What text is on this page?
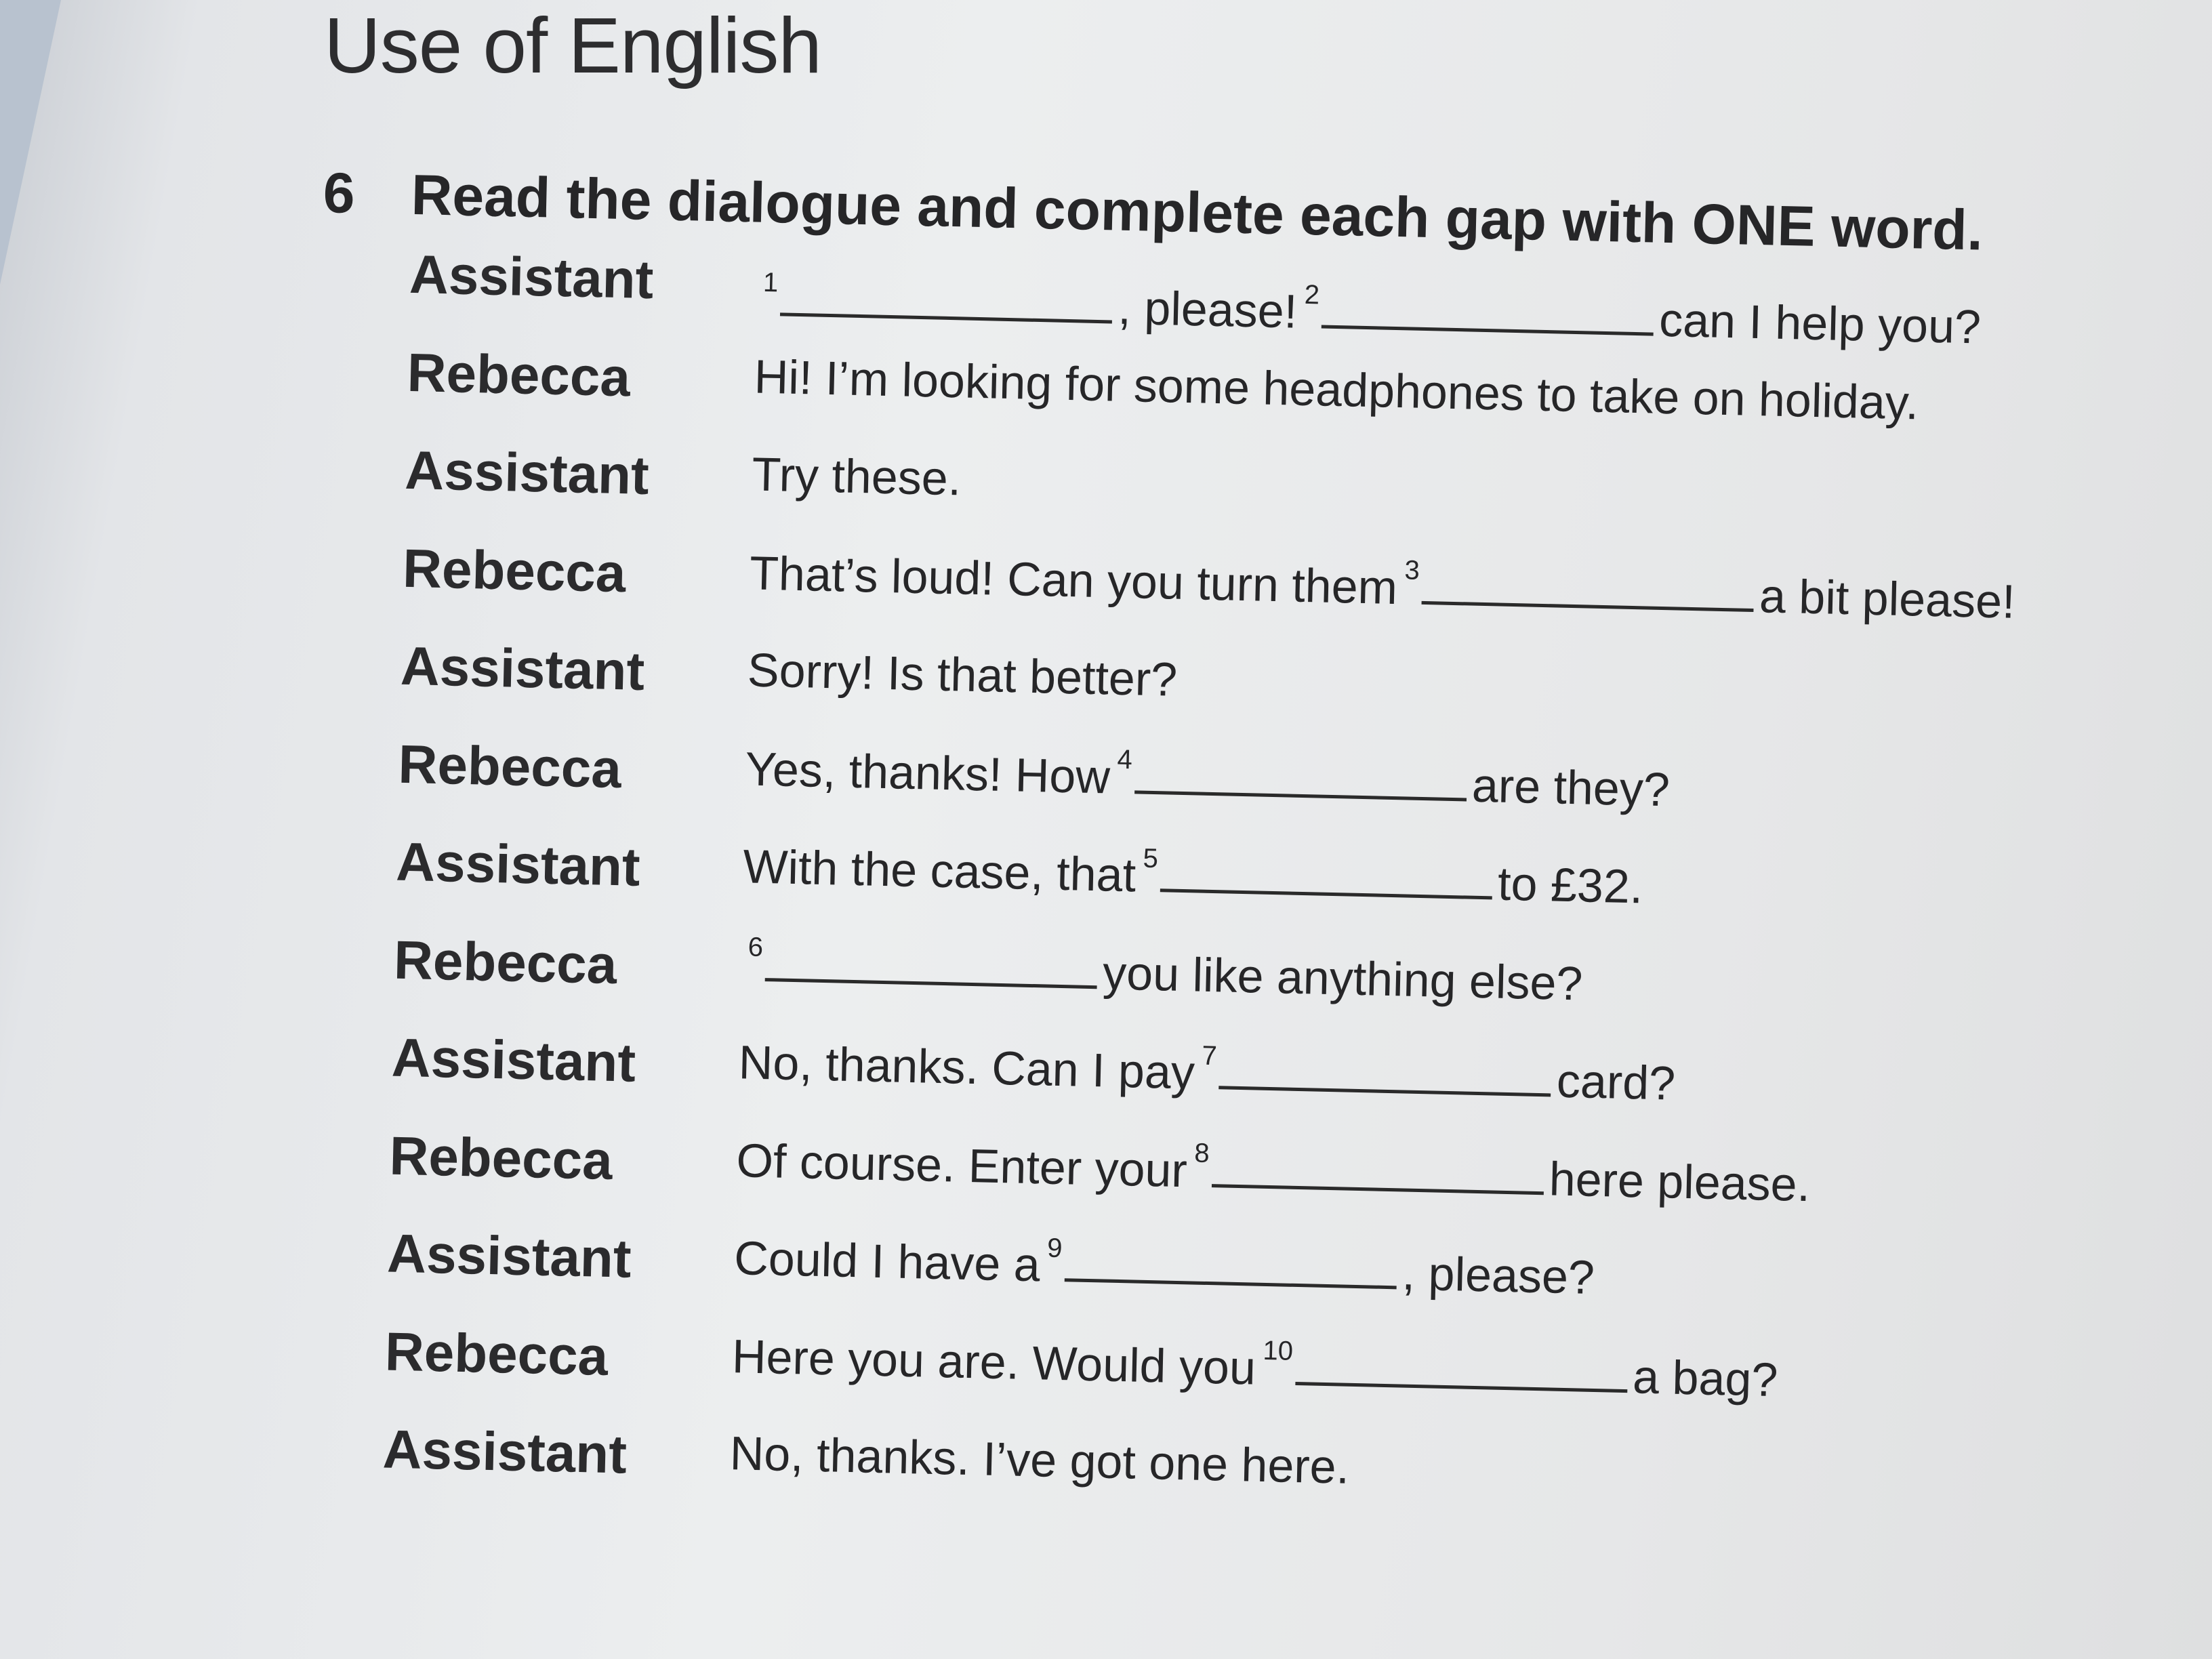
Use of English
6 Read the dialogue and complete each gap with ONE word.
Assistant	$^1$	, please! $^2$	can I help you?
Rebecca	Hi! I’m looking for some headphones to take on holiday.
Assistant Try these.
Rebecca	That’s loud! Can you turn them $^3$	a bit please!
Assistant Sorry! Is that better?
Rebecca	Yes, thanks! How $^4$	are they?
Assistant With the case, that $^5$	to £32.
Rebecca	$^6$	you like anything else?
Assistant No, thanks. Can I pay $^7$	card?
Rebecca	Of course. Enter your $^8$	here please.
Assistant Could I have a $^9$	, please?
Rebecca	Here you are. Would you $^{10}$	a bag?
Assistant No, thanks. I’ve got one here.
